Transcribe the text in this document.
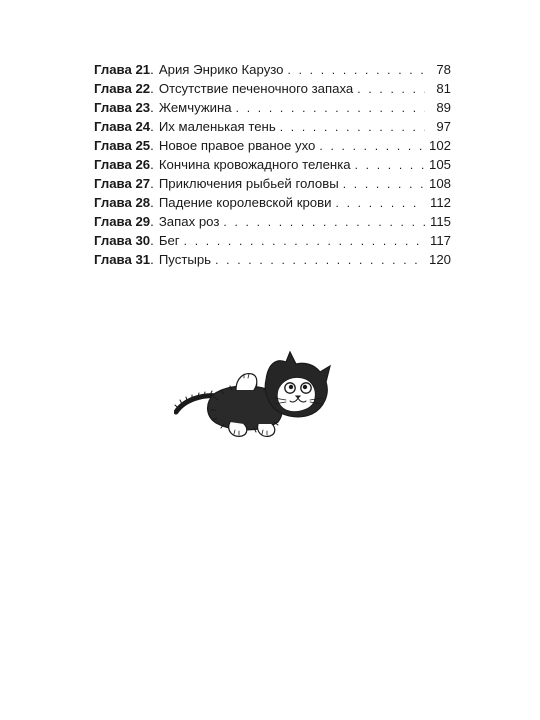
Глава 21 . Ария Энрико Карузо . . .	78
Глава 22 . Отсутствие печеночного запаха . . .	81
Глава 23 . Жемчужина . . .	89
Глава 24 . Их маленькая тень . . .	97
Глава 25 . Новое правое рваное ухо . . .	102
Глава 26 . Кончина кровожадного теленка . . .	105
Глава 27 . Приключения рыбьей головы . . .	108
Глава 28 . Падение королевской крови . . .	112
Глава 29 . Запах роз . . .	115
Глава 30 . Бег . . .	117
Глава 31 . Пустырь . . .	120
